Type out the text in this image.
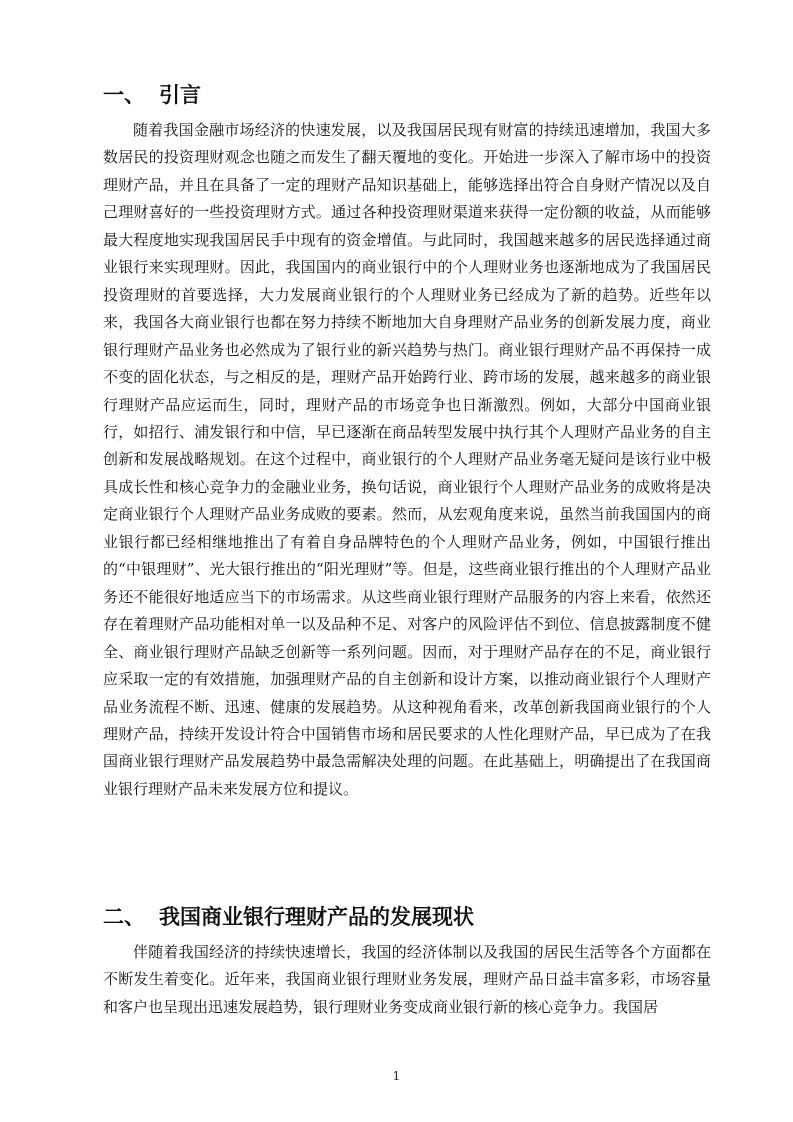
一、 引言

随着我国金融市场经济的快速发展，以及我国居民现有财富的持续迅速增加，我国大多数居民的投资理财观念也随之而发生了翻天覆地的变化。开始进一步深入了解市场中的投资理财产品，并且在具备了一定的理财产品知识基础上，能够选择出符合自身财产情况以及自己理财喜好的一些投资理财方式。通过各种投资理财渠道来获得一定份额的收益，从而能够最大程度地实现我国居民手中现有的资金增值。与此同时，我国越来越多的居民选择通过商业银行来实现理财。因此，我国国内的商业银行中的个人理财业务也逐渐地成为了我国居民投资理财的首要选择，大力发展商业银行的个人理财业务已经成为了新的趋势。近些年以来，我国各大商业银行也都在努力持续不断地加大自身理财产品业务的创新发展力度，商业银行理财产品业务也必然成为了银行业的新兴趋势与热门。商业银行理财产品不再保持一成不变的固化状态，与之相反的是，理财产品开始跨行业、跨市场的发展，越来越多的商业银行理财产品应运而生，同时，理财产品的市场竞争也日渐激烈。例如，大部分中国商业银行，如招行、浦发银行和中信，早已逐渐在商品转型发展中执行其个人理财产品业务的自主创新和发展战略规划。在这个过程中，商业银行的个人理财产品业务毫无疑问是该行业中极具成长性和核心竞争力的金融业业务，换句话说，商业银行个人理财产品业务的成败将是决定商业银行个人理财产品业务成败的要素。然而，从宏观角度来说，虽然当前我国国内的商业银行都已经相继地推出了有着自身品牌特色的个人理财产品业务，例如，中国银行推出的“中银理财”、光大银行推出的“阳光理财”等。但是，这些商业银行推出的个人理财产品业务还不能很好地适应当下的市场需求。从这些商业银行理财产品服务的内容上来看，依然还存在着理财产品功能相对单一以及品种不足、对客户的风险评估不到位、信息披露制度不健全、商业银行理财产品缺乏创新等一系列问题。因而，对于理财产品存在的不足，商业银行应采取一定的有效措施，加强理财产品的自主创新和设计方案，以推动商业银行个人理财产品业务流程不断、迅速、健康的发展趋势。从这种视角看来，改革创新我国商业银行的个人理财产品，持续开发设计符合中国销售市场和居民要求的人性化理财产品，早已成为了在我国商业银行理财产品发展趋势中最急需解决处理的问题。在此基础上，明确提出了在我国商业银行理财产品未来发展方位和提议。

二、 我国商业银行理财产品的发展现状

伴随着我国经济的持续快速增长，我国的经济体制以及我国的居民生活等各个方面都在不断发生着变化。近年来，我国商业银行理财业务发展，理财产品日益丰富多彩，市场容量和客户也呈现出迅速发展趋势，银行理财业务变成商业银行新的核心竞争力。我国居

1
